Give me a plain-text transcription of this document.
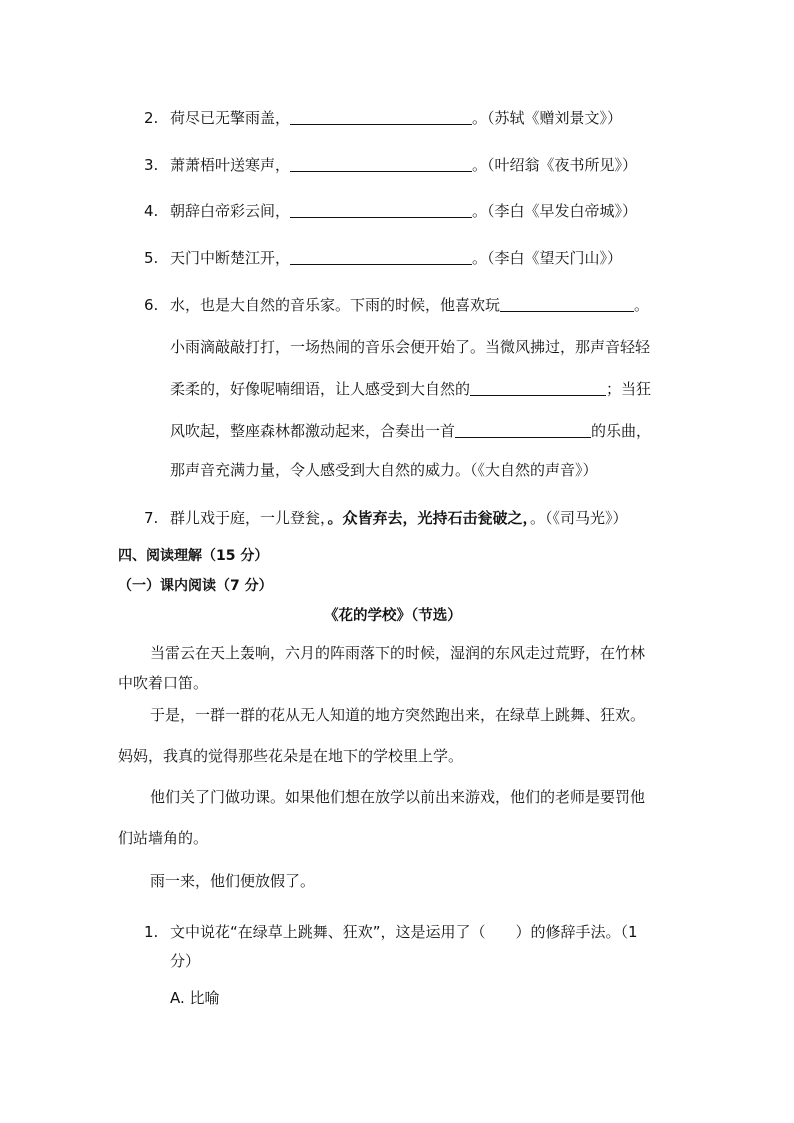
2. 荷尽已无擎雨盖，	。（苏轼《赠刘景文》）
3. 萧萧梧叶送寒声，	。（叶绍翁《夜书所见》）
4. 朝辞白帝彩云间，	。（李白《早发白帝城》）
5. 天门中断楚江开，	。（李白《望天门山》）
6. 水，也是大自然的音乐家。下雨的时候，他喜欢玩	。
小雨滴敲敲打打，一场热闹的音乐会便开始了。当微风拂过，那声音轻轻
柔柔的，好像呢喃细语，让人感受到大自然的	；当狂
风吹起，整座森林都激动起来，合奏出一首	的乐曲，
那声音充满力量，令人感受到大自然的威力。（《大自然的声音》）
7. 群儿戏于庭，一儿登瓮，。众皆弃去，光持石击瓮破之，。（《司马光》）
四、阅读理解（15 分）
（一）课内阅读（7 分）
《花的学校》（节选）
当雷云在天上轰响，六月的阵雨落下的时候，湿润的东风走过荒野，在竹林
中吹着口笛。
于是，一群一群的花从无人知道的地方突然跑出来，在绿草上跳舞、狂欢。
妈妈，我真的觉得那些花朵是在地下的学校里上学。
他们关了门做功课。如果他们想在放学以前出来游戏，他们的老师是要罚他
们站墙角的。
雨一来，他们便放假了。
1. 文中说花“在绿草上跳舞、狂欢”，这是运用了（　　）的修辞手法。（1
分）
A. 比喻
